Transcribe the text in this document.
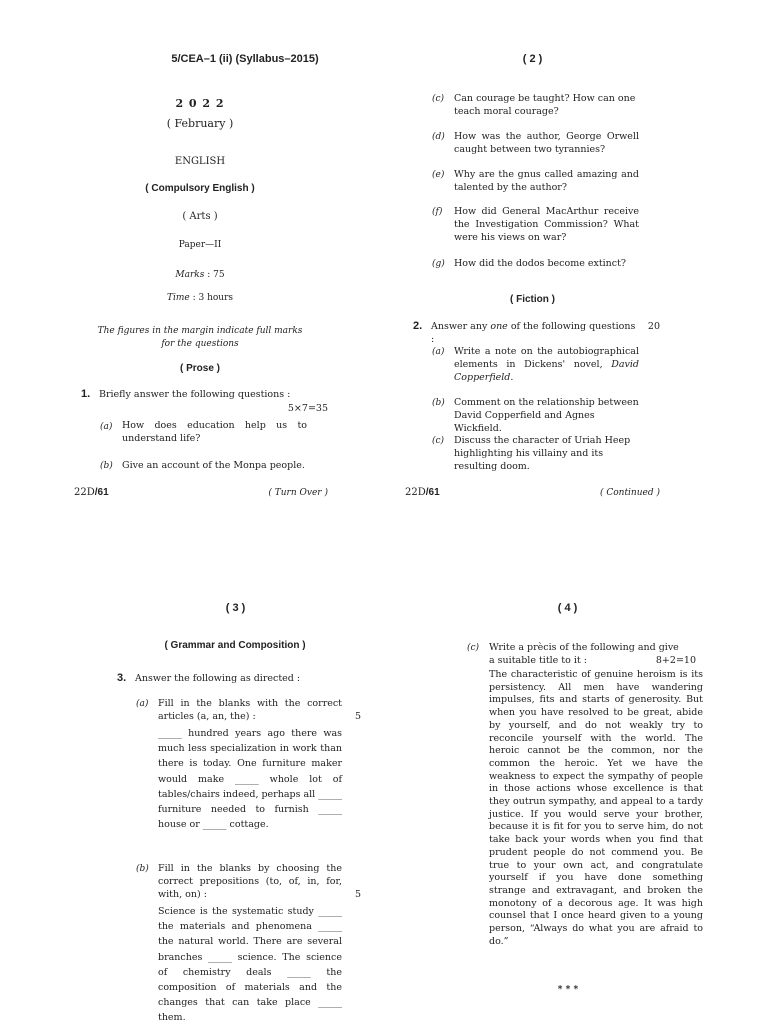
5/CEA–1 (ii) (Syllabus–2015)
2 0 2 2
( February )
ENGLISH
( Compulsory English )
( Arts )
Paper—II
Marks : 75
Time : 3 hours
The figures in the margin indicate full marks
for the questions
( Prose )
1. Briefly answer the following questions :
5×7=35
(a) How does education help us to understand life?
(b) Give an account of the Monpa people.
22D/61	( Turn Over )
( 2 )
(c) Can courage be taught? How can one teach moral courage?
(d) How was the author, George Orwell caught between two tyrannies?
(e) Why are the gnus called amazing and talented by the author?
(f) How did General MacArthur receive the Investigation Commission? What were his views on war?
(g) How did the dodos become extinct?
( Fiction )
2. Answer any one of the following questions :
20
(a) Write a note on the autobiographical elements in Dickens' novel, David Copperfield.
(b) Comment on the relationship between David Copperfield and Agnes Wickfield.
(c) Discuss the character of Uriah Heep highlighting his villainy and its resulting doom.
22D/61	( Continued )
( 3 )
( Grammar and Composition )
3. Answer the following as directed :
(a) Fill in the blanks with the correct articles (a, an, the) :	5
_____ hundred years ago there was much less specialization in work than there is today. One furniture maker would make _____ whole lot of tables/chairs indeed, perhaps all _____ furniture needed to furnish _____ house or _____ cottage.
(b) Fill in the blanks by choosing the correct prepositions (to, of, in, for, with, on) :	5
Science is the systematic study _____ the materials and phenomena _____ the natural world. There are several branches _____ science. The science of chemistry deals _____ the composition of materials and the changes that can take place _____ them.
( 4 )
(c) Write a prècis of the following and give a suitable title to it :	8+2=10
The characteristic of genuine heroism is its persistency. All men have wandering impulses, fits and starts of generosity. But when you have resolved to be great, abide by yourself, and do not weakly try to reconcile yourself with the world. The heroic cannot be the common, nor the common the heroic. Yet we have the weakness to expect the sympathy of people in those actions whose excellence is that they outrun sympathy, and appeal to a tardy justice. If you would serve your brother, because it is fit for you to serve him, do not take back your words when you find that prudent people do not commend you. Be true to your own act, and congratulate yourself if you have done something strange and extravagant, and broken the monotony of a decorous age. It was high counsel that I once heard given to a young person, “Always do what you are afraid to do.”
* * *
